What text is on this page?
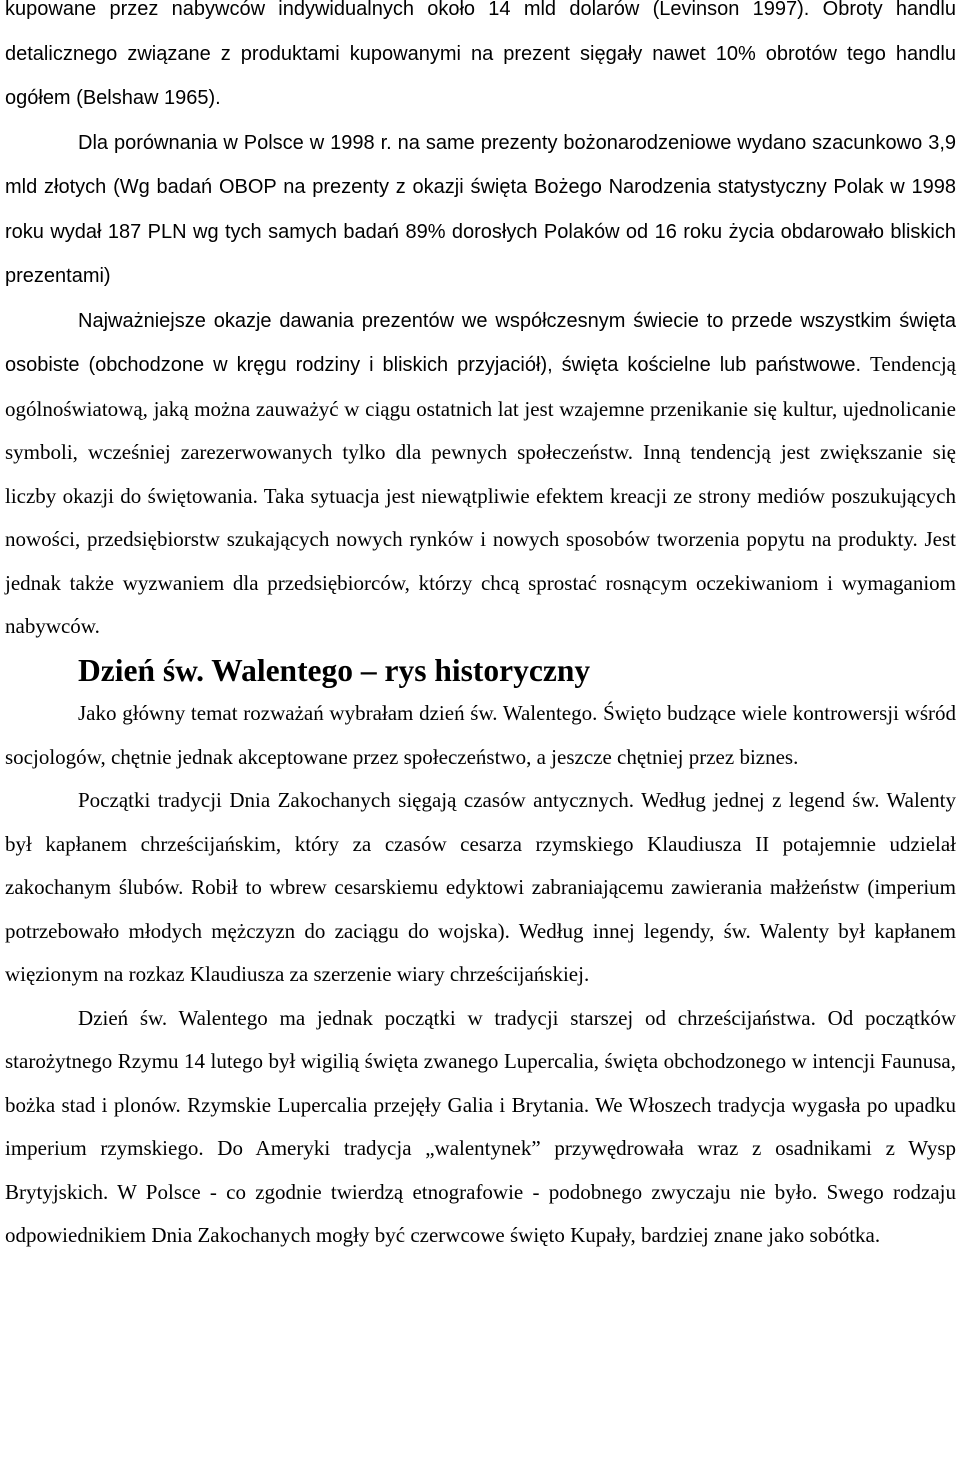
kupowane przez nabywców indywidualnych około 14 mld dolarów (Levinson 1997). Obroty handlu detalicznego związane z produktami kupowanymi na prezent sięgały nawet 10% obrotów tego handlu ogółem (Belshaw 1965).

Dla porównania w Polsce w 1998 r. na same prezenty bożonarodzeniowe wydano szacunkowo 3,9 mld złotych (Wg badań OBOP na prezenty z okazji święta Bożego Narodzenia statystyczny Polak w 1998 roku wydał 187 PLN wg tych samych badań 89% dorosłych Polaków od 16 roku życia obdarowało bliskich prezentami)

Najważniejsze okazje dawania prezentów we współczesnym świecie to przede wszystkim święta osobiste (obchodzone w kręgu rodziny i bliskich przyjaciół), święta kościelne lub państwowe. Tendencją ogólnoświatową, jaką można zauważyć w ciągu ostatnich lat jest wzajemne przenikanie się kultur, ujednolicanie symboli, wcześniej zarezerwowanych tylko dla pewnych społeczeństw. Inną tendencją jest zwiększanie się liczby okazji do świętowania. Taka sytuacja jest niewątpliwie efektem kreacji ze strony mediów poszukujących nowości, przedsiębiorstw szukających nowych rynków i nowych sposobów tworzenia popytu na produkty. Jest jednak także wyzwaniem dla przedsiębiorców, którzy chcą sprostać rosnącym oczekiwaniom i wymaganiom nabywców.

Dzień św. Walentego – rys historyczny

Jako główny temat rozważań wybrałam dzień św. Walentego. Święto budzące wiele kontrowersji wśród socjologów, chętnie jednak akceptowane przez społeczeństwo, a jeszcze chętniej przez biznes.

Początki tradycji Dnia Zakochanych sięgają czasów antycznych. Według jednej z legend św. Walenty był kapłanem chrześcijańskim, który za czasów cesarza rzymskiego Klaudiusza II potajemnie udzielał zakochanym ślubów. Robił to wbrew cesarskiemu edyktowi zabraniającemu zawierania małżeństw (imperium potrzebowało młodych mężczyzn do zaciągu do wojska). Według innej legendy, św. Walenty był kapłanem więzionym na rozkaz Klaudiusza za szerzenie wiary chrześcijańskiej.

Dzień św. Walentego ma jednak początki w tradycji starszej od chrześcijaństwa. Od początków starożytnego Rzymu 14 lutego był wigilią święta zwanego Lupercalia, święta obchodzonego w intencji Faunusa, bożka stad i plonów. Rzymskie Lupercalia przejęły Galia i Brytania. We Włoszech tradycja wygasła po upadku imperium rzymskiego. Do Ameryki tradycja „walentynek” przywędrowała wraz z osadnikami z Wysp Brytyjskich. W Polsce - co zgodnie twierdzą etnografowie - podobnego zwyczaju nie było. Swego rodzaju odpowiednikiem Dnia Zakochanych mogły być czerwcowe święto Kupały, bardziej znane jako sobótka.
